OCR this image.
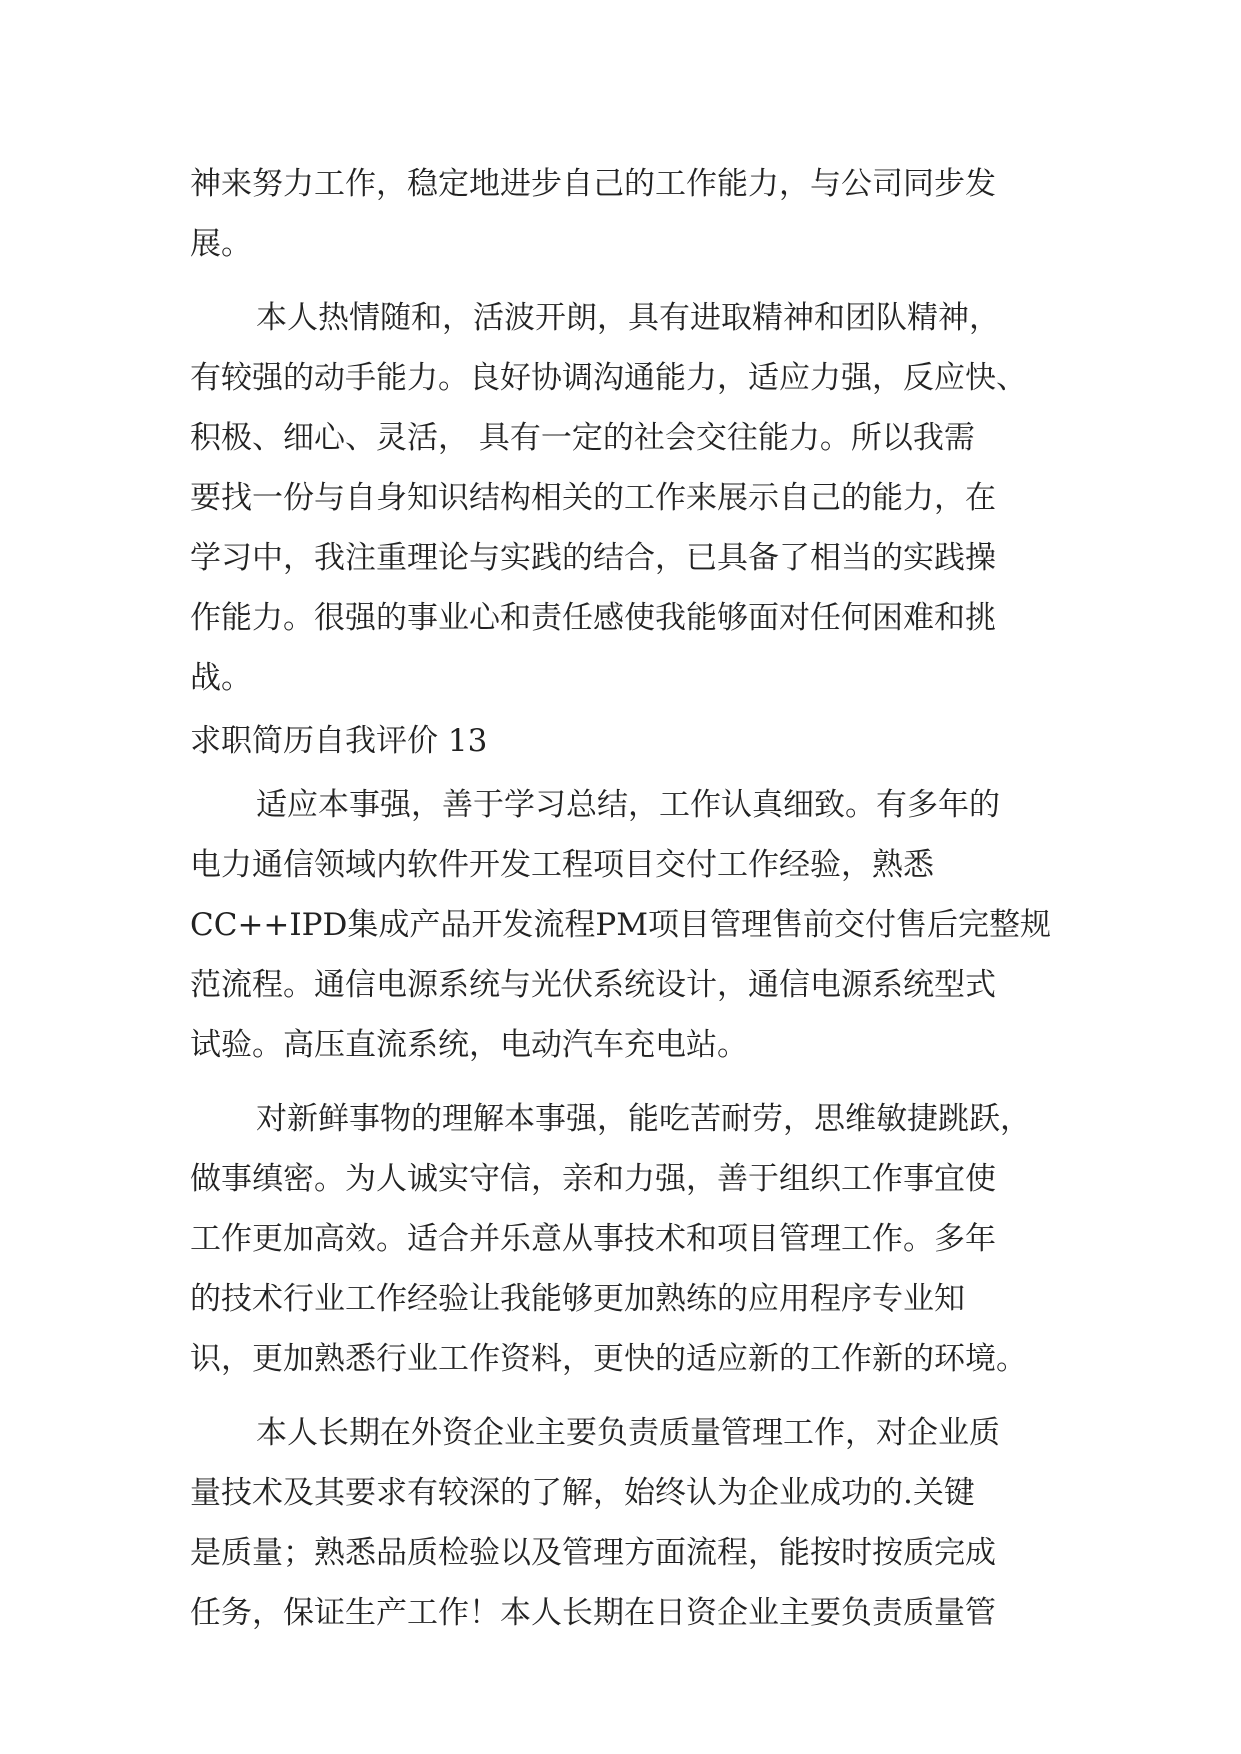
神来努力工作，稳定地进步自己的工作能力，与公司同步发
展。
本人热情随和，活波开朗，具有进取精神和团队精神，
有较强的动手能力。良好协调沟通能力，适应力强，反应快、
积极、细心、灵活， 具有一定的社会交往能力。所以我需
要找一份与自身知识结构相关的工作来展示自己的能力，在
学习中，我注重理论与实践的结合，已具备了相当的实践操
作能力。很强的事业心和责任感使我能够面对任何困难和挑
战。
求职简历自我评价 13
适应本事强，善于学习总结，工作认真细致。有多年的
电力通信领域内软件开发工程项目交付工作经验，熟悉
CC++IPD集成产品开发流程PM项目管理售前交付售后完整规
范流程。通信电源系统与光伏系统设计，通信电源系统型式
试验。高压直流系统，电动汽车充电站。
对新鲜事物的理解本事强，能吃苦耐劳，思维敏捷跳跃，
做事缜密。为人诚实守信，亲和力强，善于组织工作事宜使
工作更加高效。适合并乐意从事技术和项目管理工作。多年
的技术行业工作经验让我能够更加熟练的应用程序专业知
识，更加熟悉行业工作资料，更快的适应新的工作新的环境。
本人长期在外资企业主要负责质量管理工作，对企业质
量技术及其要求有较深的了解，始终认为企业成功的.关键
是质量；熟悉品质检验以及管理方面流程，能按时按质完成
任务，保证生产工作！本人长期在日资企业主要负责质量管
